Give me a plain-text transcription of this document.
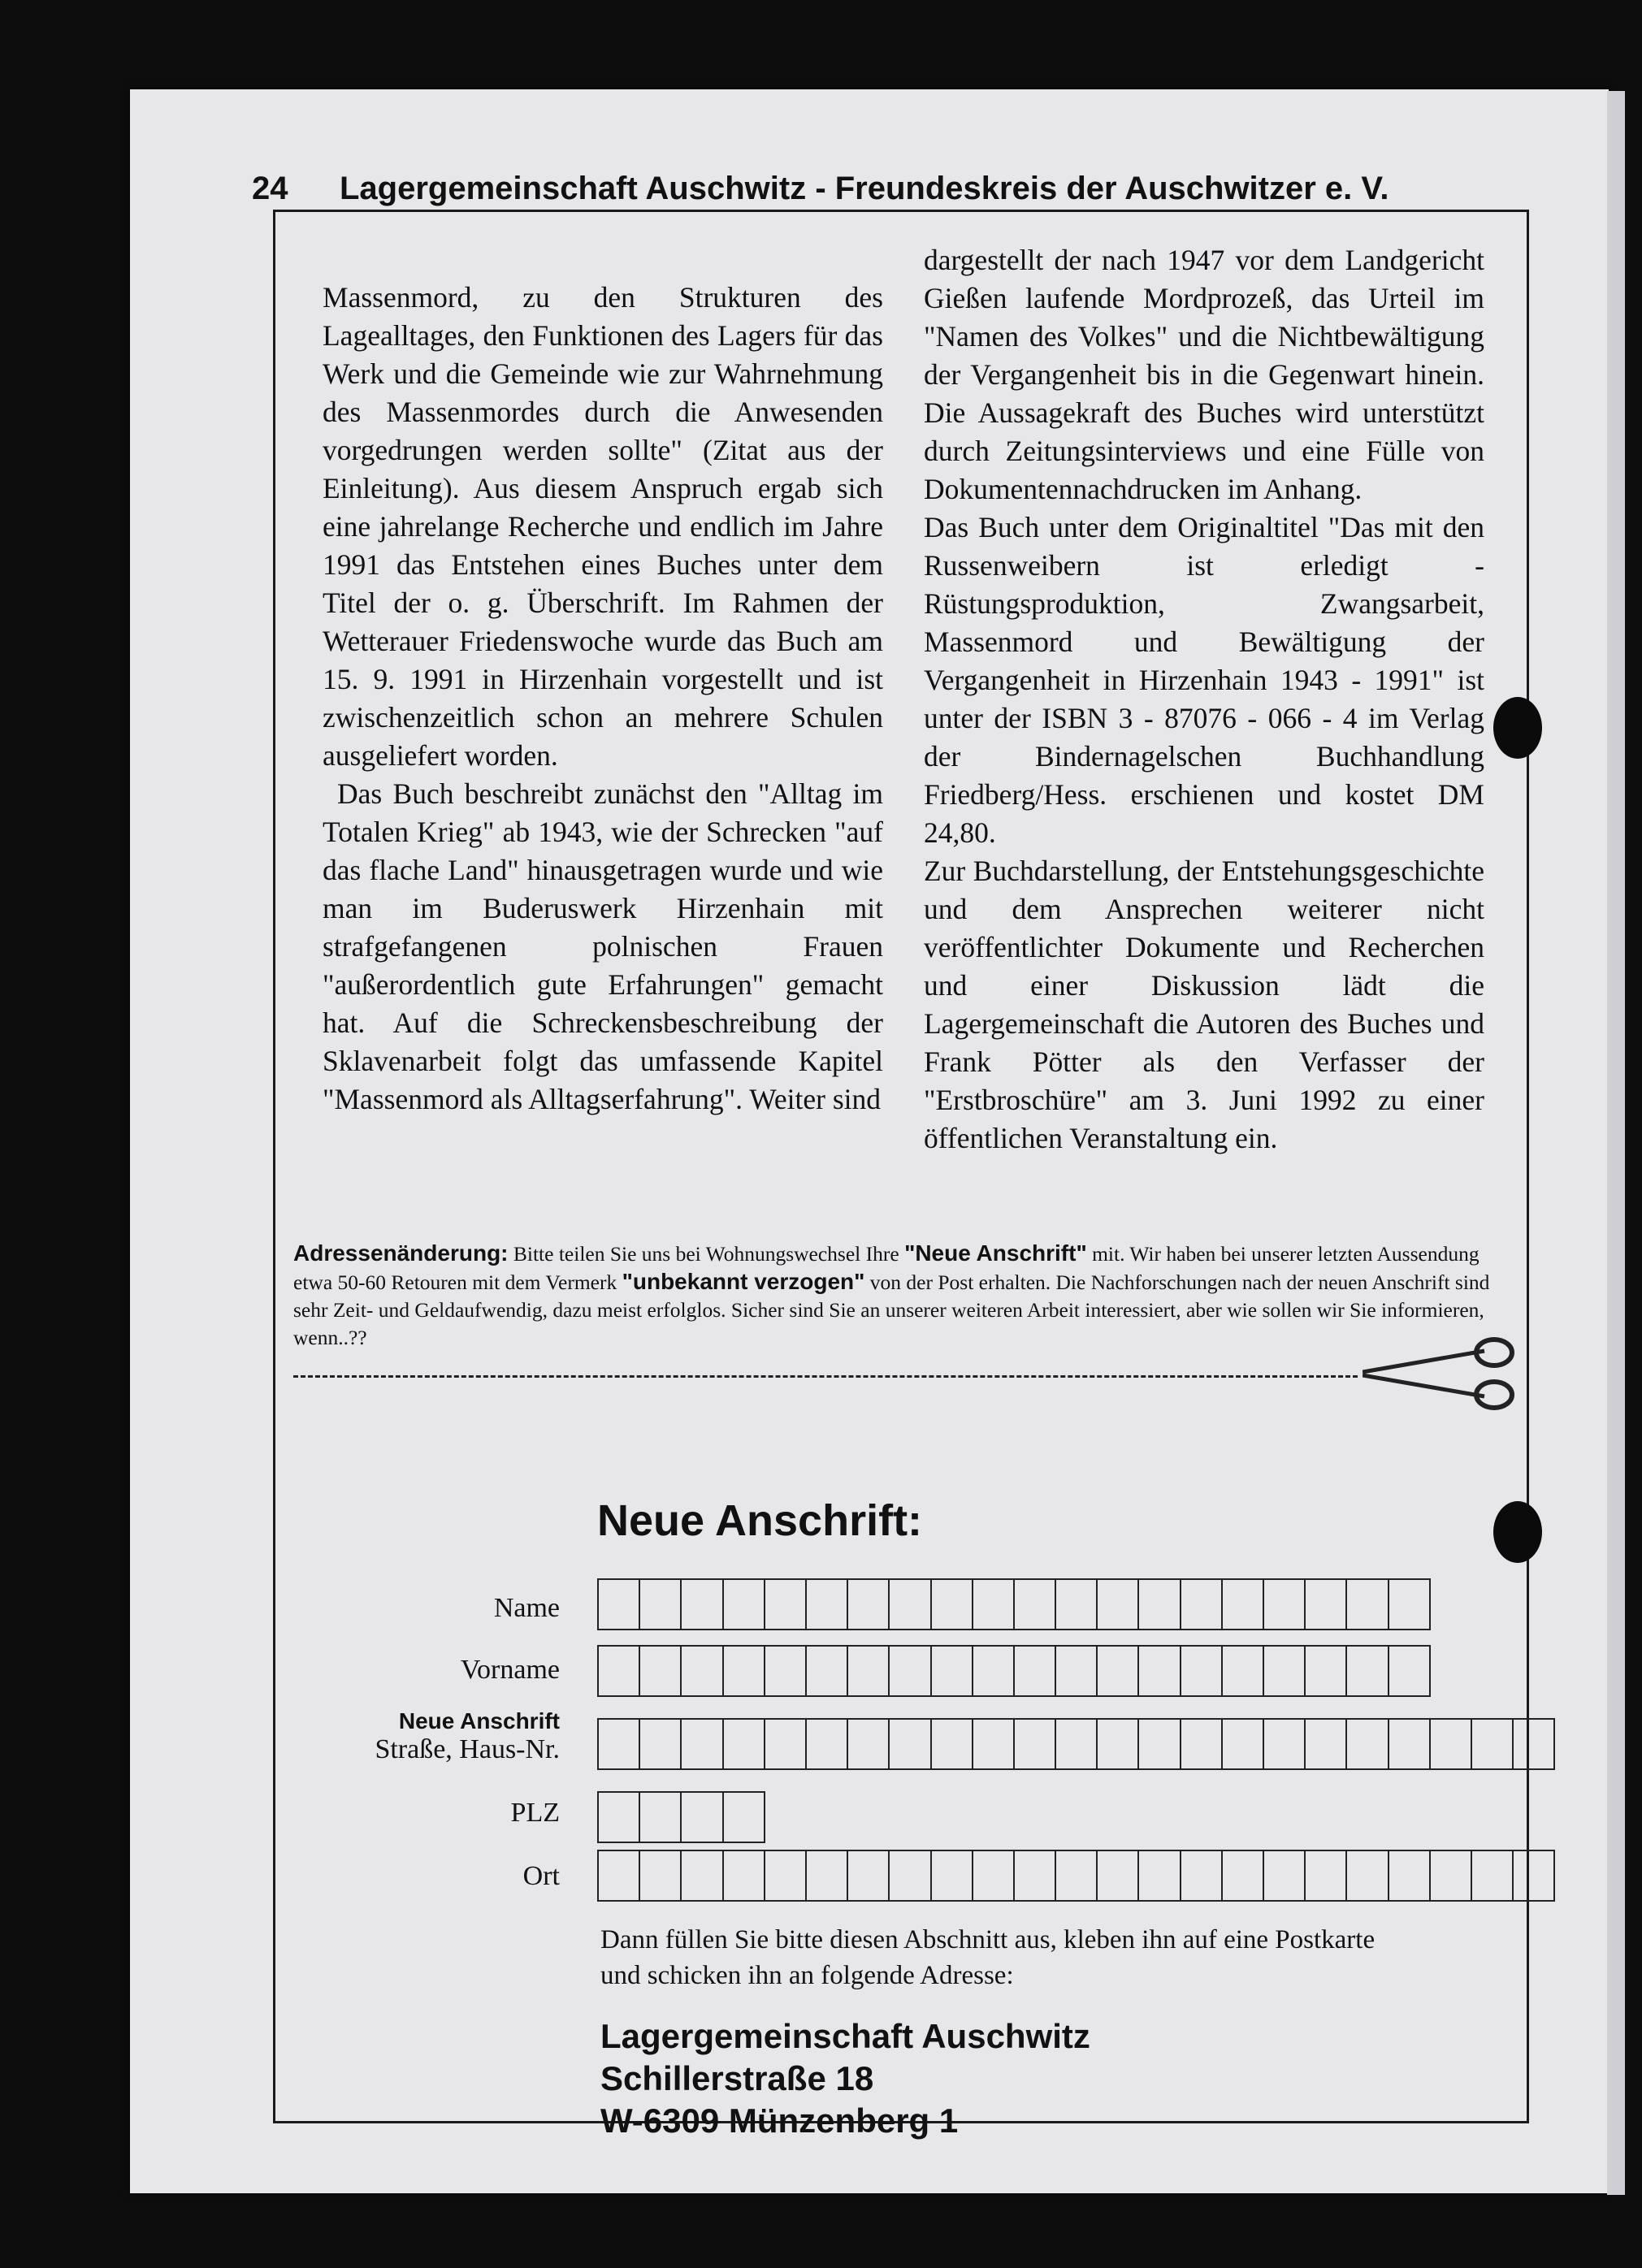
24 Lagergemeinschaft Auschwitz - Freundeskreis der Auschwitzer e. V.

Massenmord, zu den Strukturen des Lagealltages, den Funktionen des Lagers für das Werk und die Gemeinde wie zur Wahrnehmung des Massenmordes durch die Anwesenden vorgedrungen werden sollte" (Zitat aus der Einleitung). Aus diesem Anspruch ergab sich eine jahrelange Recherche und endlich im Jahre 1991 das Entstehen eines Buches unter dem Titel der o. g. Überschrift. Im Rahmen der Wetterauer Friedenswoche wurde das Buch am 15. 9. 1991 in Hirzenhain vorgestellt und ist zwischenzeitlich schon an mehrere Schulen ausgeliefert worden.

Das Buch beschreibt zunächst den "Alltag im Totalen Krieg" ab 1943, wie der Schrecken "auf das flache Land" hinausgetragen wurde und wie man im Buderuswerk Hirzenhain mit strafgefangenen polnischen Frauen "außerordentlich gute Erfahrungen" gemacht hat. Auf die Schreckensbeschreibung der Sklavenarbeit folgt das umfassende Kapitel "Massenmord als Alltagserfahrung". Weiter sind

dargestellt der nach 1947 vor dem Landgericht Gießen laufende Mordprozeß, das Urteil im "Namen des Volkes" und die Nichtbewältigung der Vergangenheit bis in die Gegenwart hinein. Die Aussagekraft des Buches wird unterstützt durch Zeitungsinterviews und eine Fülle von Dokumentennachdrucken im Anhang.

Das Buch unter dem Originaltitel "Das mit den Russenweibern ist erledigt - Rüstungsproduktion, Zwangsarbeit, Massenmord und Bewältigung der Vergangenheit in Hirzenhain 1943 - 1991" ist unter der ISBN 3 - 87076 - 066 - 4 im Verlag der Bindernagelschen Buchhandlung Friedberg/Hess. erschienen und kostet DM 24,80.

Zur Buchdarstellung, der Entstehungsgeschichte und dem Ansprechen weiterer nicht veröffentlichter Dokumente und Recherchen und einer Diskussion lädt die Lagergemeinschaft die Autoren des Buches und Frank Pötter als den Verfasser der "Erstbroschüre" am 3. Juni 1992 zu einer öffentlichen Veranstaltung ein.

Adressenänderung: Bitte teilen Sie uns bei Wohnungswechsel Ihre "Neue Anschrift" mit. Wir haben bei unserer letzten Aussendung etwa 50-60 Retouren mit dem Vermerk "unbekannt verzogen" von der Post erhalten. Die Nachforschungen nach der neuen Anschrift sind sehr Zeit- und Geldaufwendig, dazu meist erfolglos. Sicher sind Sie an unserer weiteren Arbeit interessiert, aber wie sollen wir Sie informieren, wenn..??
Neue Anschrift:
Name
Vorname
Neue Anschrift
Straße, Haus-Nr.
PLZ
Ort
Dann füllen Sie bitte diesen Abschnitt aus, kleben ihn auf eine Postkarte und schicken ihn an folgende Adresse:
Lagergemeinschaft Auschwitz
Schillerstraße 18
W-6309 Münzenberg 1
